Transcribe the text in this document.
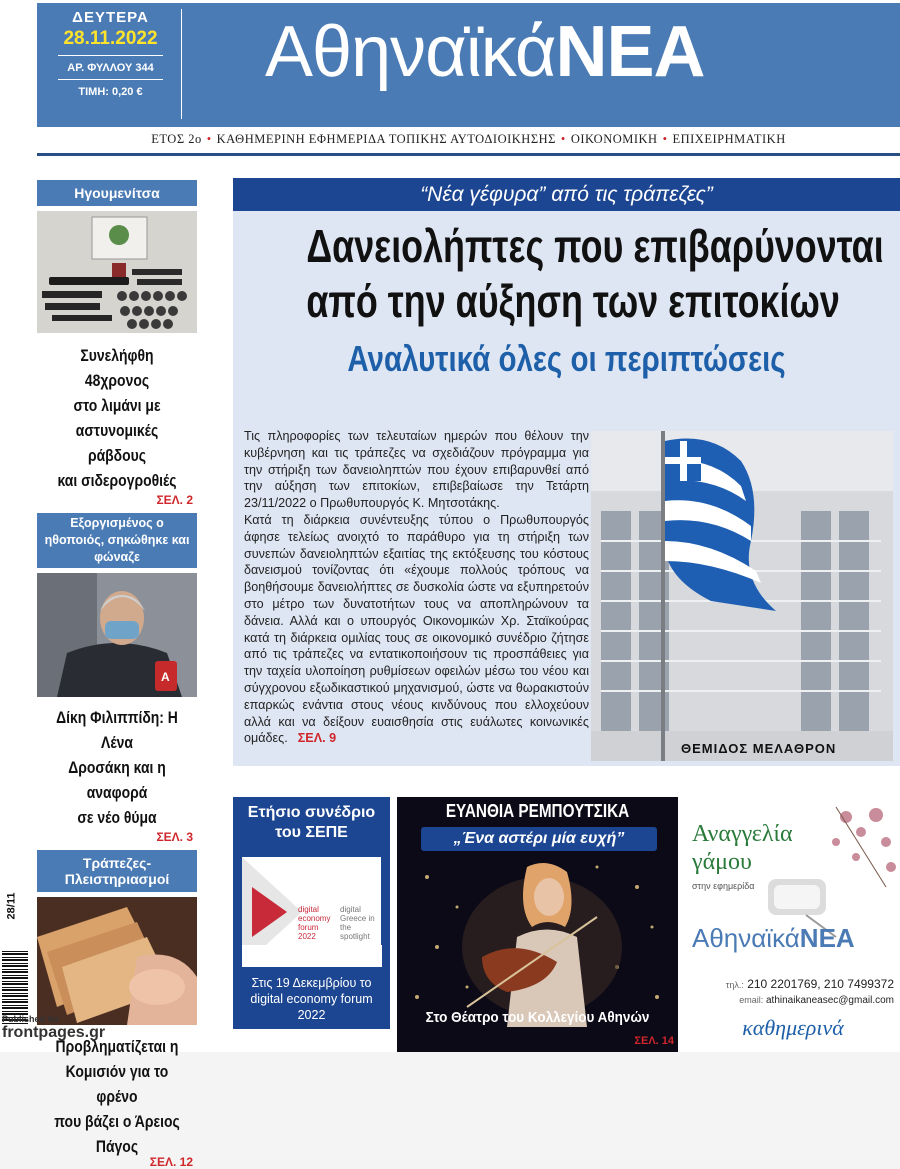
ΔΕΥΤΕΡΑ
28.11.2022
ΑΡ. ΦΥΛΛΟΥ 344
ΤΙΜΗ: 0,20 €	ΑθηναϊκάΝΕΑ
ΕΤΟΣ 2ο • ΚΑΘΗΜΕΡΙΝΗ ΕΦΗΜΕΡΙΔΑ ΤΟΠΙΚΗΣ ΑΥΤΟΔΙΟΙΚΗΣΗΣ • ΟΙΚΟΝΟΜΙΚΗ • ΕΠΙΧΕΙΡΗΜΑΤΙΚΗ
Ηγουμενίτσα
Συνελήφθη 48χρονος
στο λιμάνι με
αστυνομικές ράβδους
και σιδερογροθιές
ΣΕΛ. 2
Εξοργισμένος ο ηθοποιός, σηκώθηκε και φώναζε
A
Δίκη Φιλιππίδη: Η Λένα
Δροσάκη και η αναφορά
σε νέο θύμα
ΣΕΛ. 3
Τράπεζες- Πλειστηριασμοί
Προβληματίζεται η
Κομισιόν για το φρένο
που βάζει ο Άρειος Πάγος
ΣΕΛ. 12
“Νέα γέφυρα” από τις τράπεζες”
Δανειολήπτες που επιβαρύνονται
από την αύξηση των επιτοκίων
Αναλυτικά όλες οι περιπτώσεις

Τις πληροφορίες των τελευταίων ημερών που θέλουν την κυβέρνηση και τις τράπεζες να σχεδιάζουν πρόγραμμα για την στήριξη των δανειοληπτών που έχουν επιβαρυνθεί από την αύξηση των επιτοκίων, επιβεβαίωσε την Τετάρτη 23/11/2022 ο Πρωθυπουργός Κ. Μητσοτάκης.

Κατά τη διάρκεια συνέντευξης τύπου ο Πρωθυπουργός άφησε τελείως ανοιχτό το παράθυρο για τη στήριξη των συνεπών δανειοληπτών εξαιτίας της εκτόξευσης του κόστους δανεισμού τονίζοντας ότι «έχουμε πολλούς τρόπους να βοηθήσουμε δανειολήπτες σε δυσκολία ώστε να εξυπηρετούν στο μέτρο των δυνατοτήτων τους να αποπληρώνουν τα δάνεια. Αλλά και ο υπουργός Οικονομικών Χρ. Σταϊκούρας κατά τη διάρκεια ομιλίας τους σε οικονομικό συνέδριο ζήτησε από τις τράπεζες να εντατικοποιήσουν τις προσπάθειες για την ταχεία υλοποίηση ρυθμίσεων οφειλών μέσω του νέου και σύγχρονου εξωδικαστικού μηχανισμού, ώστε να θωρακιστούν επαρκώς ενάντια στους νέους κινδύνους που ελλοχεύουν αλλά και να δείξουν ευαισθησία στις ευάλωτες κοινωνικές ομάδες. ΣΕΛ. 9

ΘΕΜΙΔΟΣ ΜΕΛΑΘΡΟΝ
Ετήσιο συνέδριο
του ΣΕΠΕ
digital economy forum 2022
digital Greece in the spotlight
Στις 19 Δεκεμβρίου το digital economy forum 2022
ΣΕΛ. 13
ΕΥΑΝΘΙΑ ΡΕΜΠΟΥΤΣΙΚΑ
„Ένα αστέρι μία ευχή”
Στο Θέατρο του Κολλεγίου Αθηνών
ΣΕΛ. 14
Αναγγελία
γάμου
στην εφημερίδα
ΑθηναϊκάΝΕΑ
τηλ.: 210 2201769, 210 7499372
email: athinaikaneasec@gmail.com
καθημερινά
28/11
Published for
frontpages.gr
